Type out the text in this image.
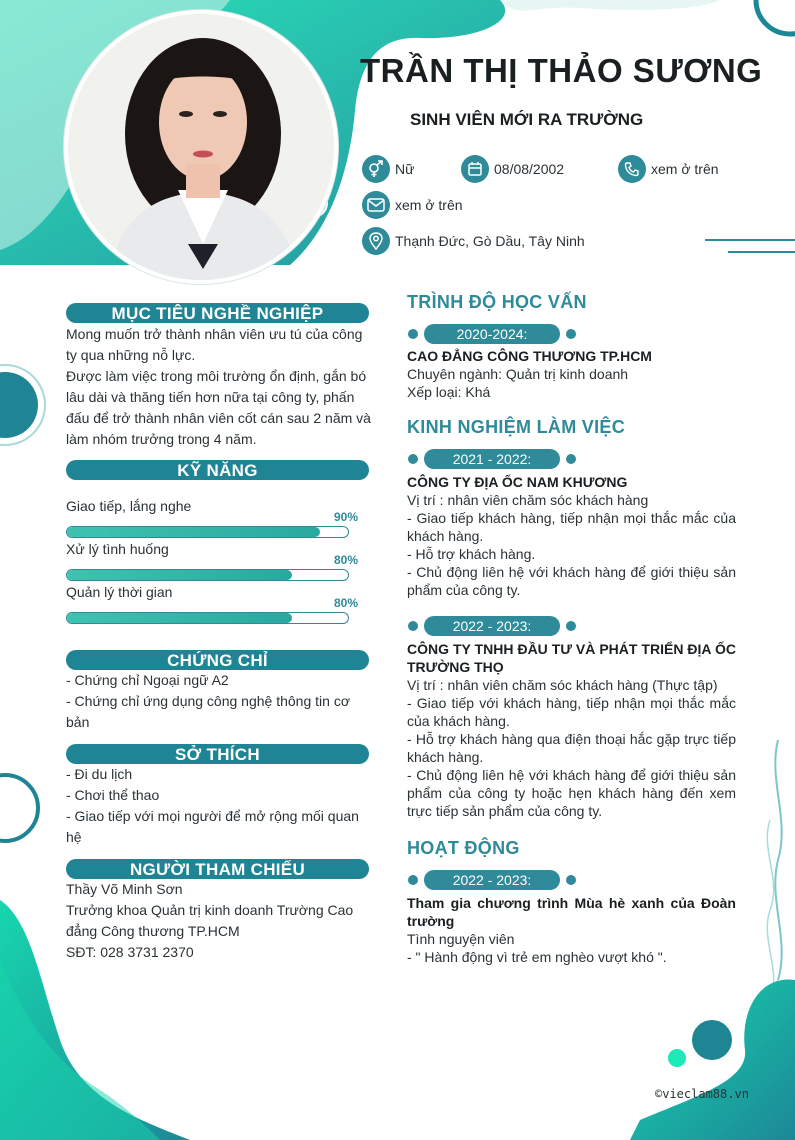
TRẦN THỊ THẢO SƯƠNG
SINH VIÊN MỚI RA TRƯỜNG
Nữ	08/08/2002	xem ở trên
xem ở trên
Thạnh Đức, Gò Dầu, Tây Ninh
MỤC TIÊU NGHỀ NGHIỆP
Mong muốn trở thành nhân viên ưu tú của công
ty qua những nỗ lực.
Được làm việc trong môi trường ổn định, gắn bó
lâu dài và thăng tiến hơn nữa tại công ty, phấn
đấu để trở thành nhân viên cốt cán sau 2 năm và
làm nhóm trưởng trong 4 năm.
KỸ NĂNG
Giao tiếp, lắng nghe
90%
Xử lý tình huống
80%
Quản lý thời gian
80%
CHỨNG CHỈ
- Chứng chỉ Ngoại ngữ A2
- Chứng chỉ ứng dụng công nghệ thông tin cơ
bản
SỞ THÍCH
- Đi du lịch
- Chơi thể thao
- Giao tiếp với mọi người để mở rộng mối quan
hệ
NGƯỜI THAM CHIẾU
Thầy Võ Minh Sơn
Trưởng khoa Quản trị kinh doanh Trường Cao
đẳng Công thương TP.HCM
SĐT: 028 3731 2370
TRÌNH ĐỘ HỌC VẤN
2020-2024:
CAO ĐẲNG CÔNG THƯƠNG TP.HCM
Chuyên ngành: Quản trị kinh doanh
Xếp loại: Khá
KINH NGHIỆM LÀM VIỆC
2021 - 2022:
CÔNG TY ĐỊA ỐC NAM KHƯƠNG
Vị trí : nhân viên chăm sóc khách hàng
- Giao tiếp khách hàng, tiếp nhận mọi thắc mắc của khách hàng.
- Hỗ trợ khách hàng.
- Chủ động liên hệ với khách hàng để giới thiệu sản phẩm của công ty.
2022 - 2023:
CÔNG TY TNHH ĐẦU TƯ VÀ PHÁT TRIỂN ĐỊA ỐC TRƯỜNG THỌ
Vị trí : nhân viên chăm sóc khách hàng (Thực tập)
- Giao tiếp với khách hàng, tiếp nhận mọi thắc mắc của khách hàng.
- Hỗ trợ khách hàng qua điện thoại hắc gặp trực tiếp khách hàng.
- Chủ động liên hệ với khách hàng để giới thiệu sản phẩm của công ty hoặc hẹn khách hàng đến xem trực tiếp sản phẩm của công ty.
HOẠT ĐỘNG
2022 - 2023:
Tham gia chương trình Mùa hè xanh của Đoàn trường
Tình nguyện viên
- " Hành động vì trẻ em nghèo vượt khó ".
©vieclam88.vn
